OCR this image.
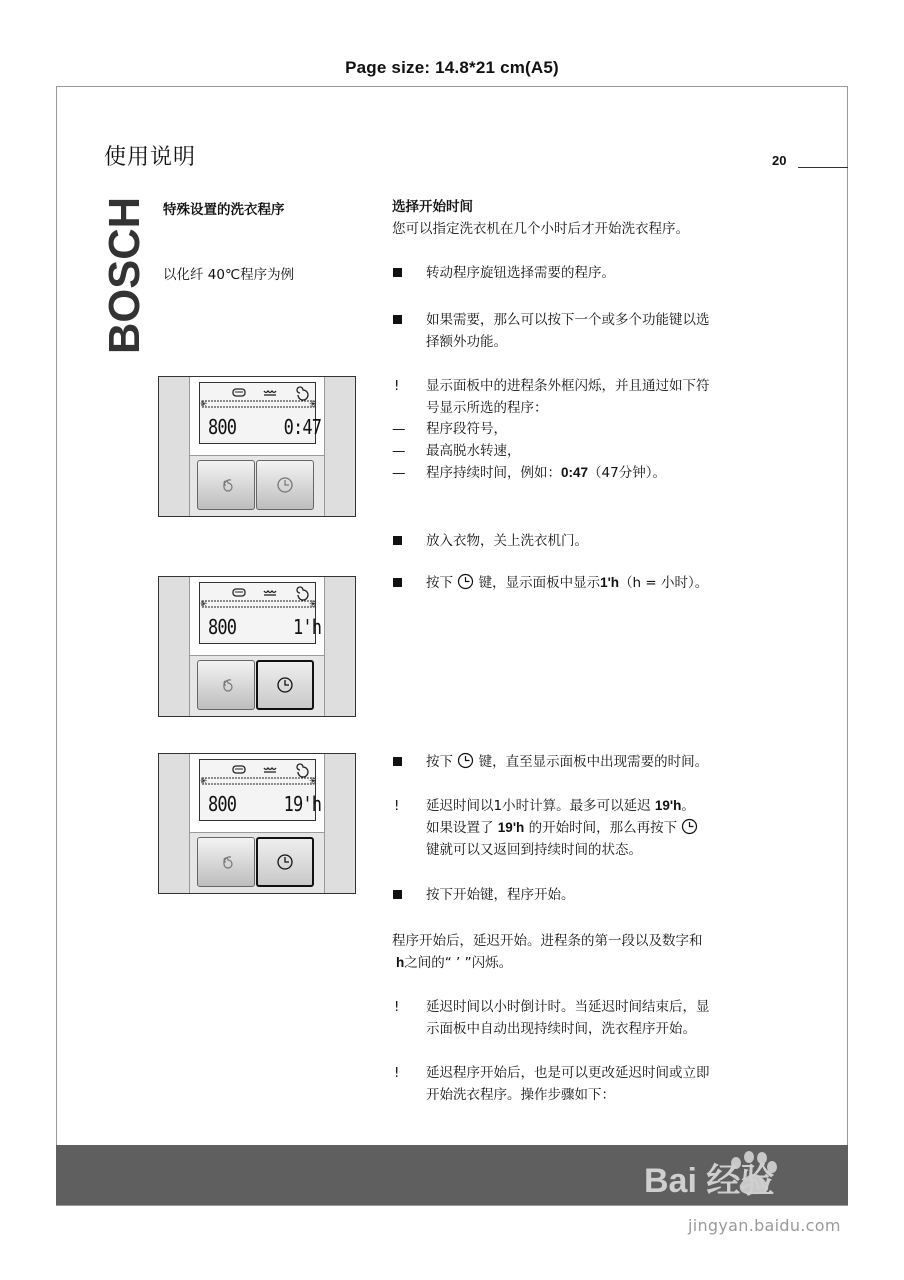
Page size: 14.8*21 cm(A5)
使用说明	20
BOSCH 特殊设置的洗衣程序
以化纤 40℃程序为例
✳	✳
800 0:47
✳	✳
800	1'h
✳	✳
800 19'h
选择开始时间
您可以指定洗衣机在几个小时后才开始洗衣程序。
转动程序旋钮选择需要的程序。
如果需要，那么可以按下一个或多个功能键以选
择额外功能。
! 显示面板中的进程条外框闪烁，并且通过如下符
号显示所选的程序：
— 程序段符号，
— 最高脱水转速，
— 程序持续时间，例如：0:47（47分钟）。
放入衣物，关上洗衣机门。
按下 键，显示面板中显示1'h（h = 小时）。
按下 键，直至显示面板中出现需要的时间。
! 延迟时间以1小时计算。最多可以延迟 19'h。
如果设置了 19'h 的开始时间，那么再按下
键就可以又返回到持续时间的状态。
按下开始键，程序开始。
程序开始后，延迟开始。进程条的第一段以及数字和
h之间的“ ’ ”闪烁。
! 延迟时间以小时倒计时。当延迟时间结束后，显
示面板中自动出现持续时间，洗衣程序开始。
! 延迟程序开始后，也是可以更改延迟时间或立即
开始洗衣程序。操作步骤如下：
Bai 经验
jingyan.baidu.com
